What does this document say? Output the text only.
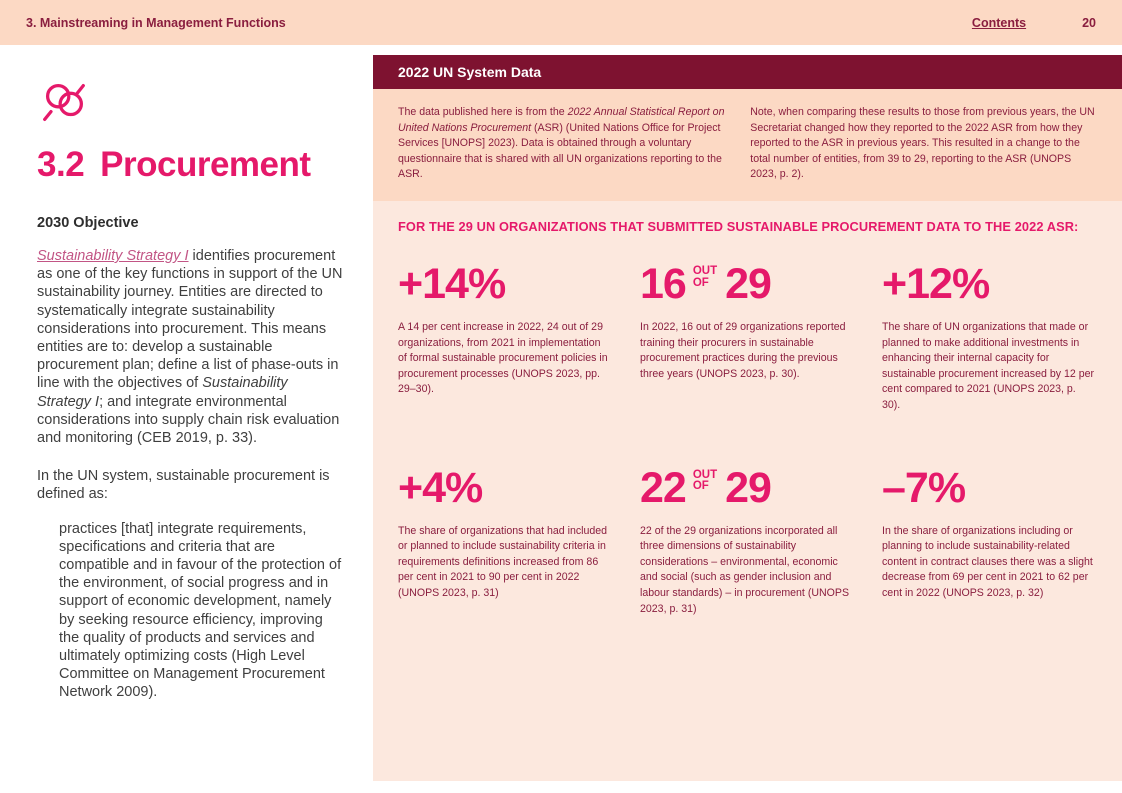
3. Mainstreaming in Management Functions	Contents	20
3.2 Procurement
2030 Objective

Sustainability Strategy I identifies procurement as one of the key functions in support of the UN sustainability journey. Entities are directed to systematically integrate sustainability considerations into procurement. This means entities are to: develop a sustainable procurement plan; define a list of phase-outs in line with the objectives of Sustainability Strategy I; and integrate environmental considerations into supply chain risk evaluation and monitoring (CEB 2019, p. 33).

In the UN system, sustainable procurement is defined as:

practices [that] integrate requirements, specifications and criteria that are compatible and in favour of the protection of the environment, of social progress and in support of economic development, namely by seeking resource efficiency, improving the quality of products and services and ultimately optimizing costs (High Level Committee on Management Procurement Network 2009).
2022 UN System Data

The data published here is from the 2022 Annual Statistical Report on United Nations Procurement (ASR) (United Nations Office for Project Services [UNOPS] 2023). Data is obtained through a voluntary questionnaire that is shared with all UN organizations reporting to the ASR.

Note, when comparing these results to those from previous years, the UN Secretariat changed how they reported to the 2022 ASR from how they reported to the ASR in previous years. This resulted in a change to the total number of entities, from 39 to 29, reporting to the ASR (UNOPS 2023, p. 2).

FOR THE 29 UN ORGANIZATIONS THAT SUBMITTED SUSTAINABLE PROCUREMENT DATA TO THE 2022 ASR:
+14%

A 14 per cent increase in 2022, 24 out of 29 organizations, from 2021 in implementation of formal sustainable procurement policies in procurement processes (UNOPS 2023, pp. 29–30).

16 OUT
OF 29

In 2022, 16 out of 29 organizations reported training their procurers in sustainable procurement practices during the previous three years (UNOPS 2023, p. 30).

+12%

The share of UN organizations that made or planned to make additional investments in enhancing their internal capacity for sustainable procurement increased by 12 per cent compared to 2021 (UNOPS 2023, p. 30).

+4%

The share of organizations that had included or planned to include sustainability criteria in requirements definitions increased from 86 per cent in 2021 to 90 per cent in 2022 (UNOPS 2023, p. 31)

22 OUT
OF 29

22 of the 29 organizations incorporated all three dimensions of sustainability considerations – environmental, economic and social (such as gender inclusion and labour standards) – in procurement (UNOPS 2023, p. 31)

–7%

In the share of organizations including or planning to include sustainability-related content in contract clauses there was a slight decrease from 69 per cent in 2021 to 62 per cent in 2022 (UNOPS 2023, p. 32)
